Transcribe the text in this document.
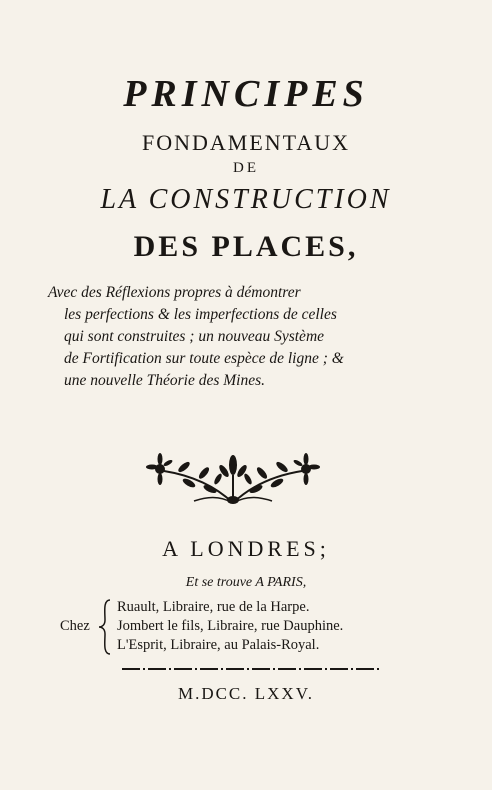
PRINCIPES
FONDAMENTAUX
DE
LA CONSTRUCTION
DES PLACES,
Avec des Réflexions propres à démontrer
les perfections & les imperfections de celles
qui sont construites ; un nouveau Système
de Fortification sur toute espèce de ligne ; &
une nouvelle Théorie des Mines.
A LONDRES;
Et se trouve A PARIS,
Chez
Ruault, Libraire, rue de la Harpe.
Jombert le fils, Libraire, rue Dauphine.
L'Esprit, Libraire, au Palais-Royal.
M.DCC. LXXV.
